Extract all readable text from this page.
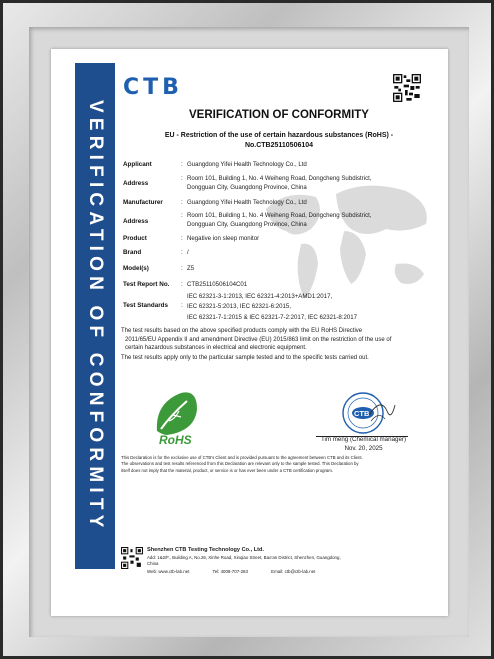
VERIFICATION OF CONFORMITY
CTB
VERIFICATION OF CONFORMITY
EU - Restriction of the use of certain hazardous substances (RoHS) -
No.CTB25110506104
Applicant	: Guangdong Yifei Health Technology Co., Ltd
Address
: Room 101, Building 1, No. 4 Weiheng Road, Dongcheng Subdistrict,
Dongguan City, Guangdong Province, China
Manufacturer	: Guangdong Yifei Health Technology Co., Ltd
Address
: Room 101, Building 1, No. 4 Weiheng Road, Dongcheng Subdistrict,
Dongguan City, Guangdong Province, China
Product	: Negative ion sleep monitor
Brand	: /
Model(s)	: Z5
Test Report No. : CTB25110506104C01
Test Standards :
IEC 62321-3-1:2013, IEC 62321-4:2013+AMD1:2017,
IEC 62321-5:2013, IEC 62321-6:2015,
IEC 62321-7-1:2015 & IEC 62321-7-2:2017, IEC 62321-8:2017
The test results based on the above specified products comply with the EU RoHS Directive
2011/65/EU Appendix II and amendment Directive (EU) 2015/863 limit on the restriction of the use of
certain hazardous substances in electrical and electronic equipment.
The test results apply only to the particular sample tested and to the specific tests carried out.
RoHS
CTB
Tim meng (Chemical manager)
Nov. 20, 2025
This Declaration is for the exclusive use of CTB's Client and is provided pursuant to the agreement between CTB and its Client.
The observations and test results referenced from this Declaration are relevant only to the sample tested. This Declaration by
itself does not imply that the material, product, or service is or has ever been under a CTB certification program.
Shenzhen CTB Testing Technology Co., Ltd.
Add: 1&2/F., Building A, No.26, Xinhe Road, Xinqiao Street, Bao'an District, Shenzhen, Guangdong,
China
Web: www.ctb-lab.net	Tel: 4008-707-283	Email: ctb@ctb-lab.net
